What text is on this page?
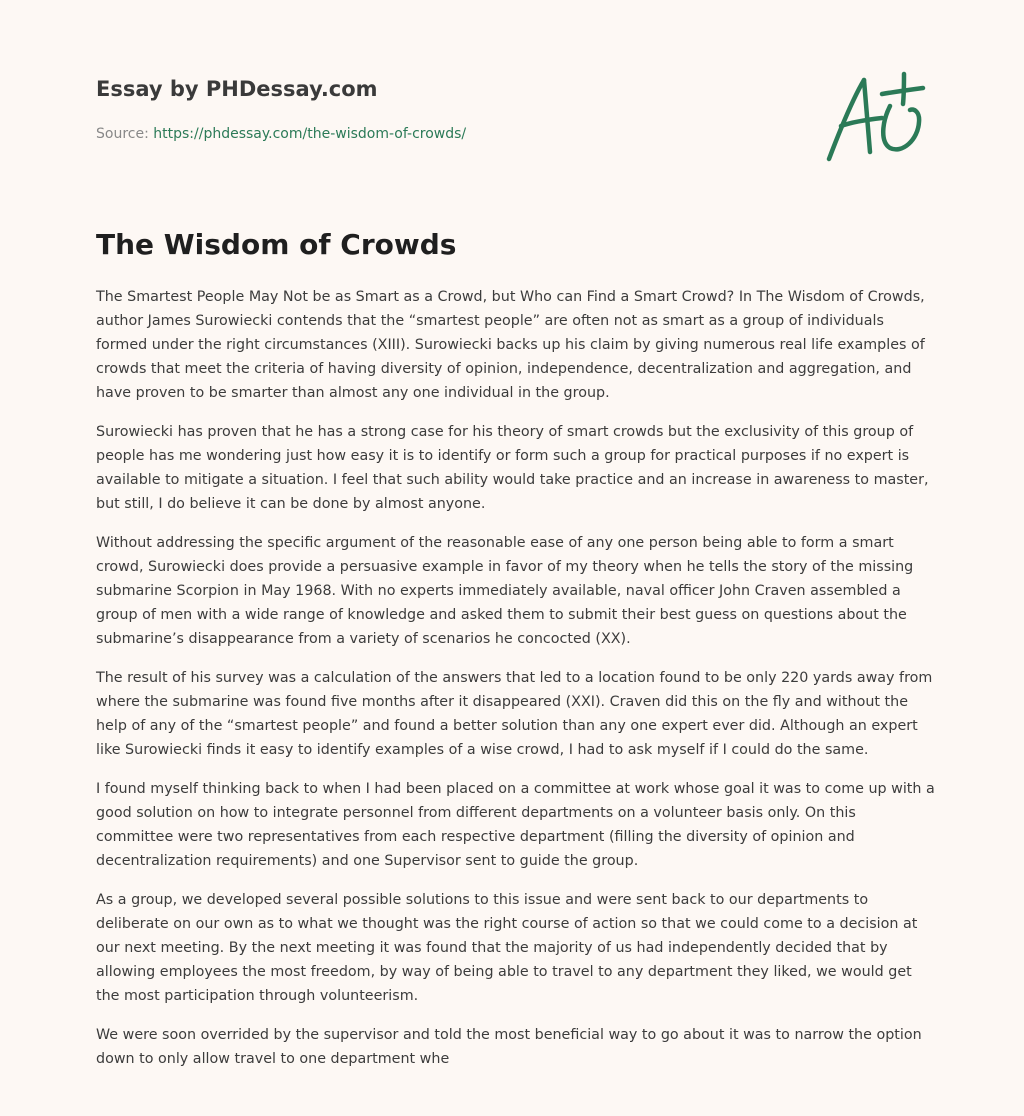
Essay by PHDessay.com
Source: https://phdessay.com/the-wisdom-of-crowds/
The Wisdom of Crowds

The Smartest People May Not be as Smart as a Crowd, but Who can Find a Smart Crowd? In The Wisdom of Crowds, author James Surowiecki contends that the “smartest people” are often not as smart as a group of individuals formed under the right circumstances (XIII). Surowiecki backs up his claim by giving numerous real life examples of crowds that meet the criteria of having diversity of opinion, independence, decentralization and aggregation, and have proven to be smarter than almost any one individual in the group.

Surowiecki has proven that he has a strong case for his theory of smart crowds but the exclusivity of this group of people has me wondering just how easy it is to identify or form such a group for practical purposes if no expert is available to mitigate a situation. I feel that such ability would take practice and an increase in awareness to master, but still, I do believe it can be done by almost anyone.

Without addressing the specific argument of the reasonable ease of any one person being able to form a smart crowd, Surowiecki does provide a persuasive example in favor of my theory when he tells the story of the missing submarine Scorpion in May 1968. With no experts immediately available, naval officer John Craven assembled a group of men with a wide range of knowledge and asked them to submit their best guess on questions about the submarine’s disappearance from a variety of scenarios he concocted (XX).

The result of his survey was a calculation of the answers that led to a location found to be only 220 yards away from where the submarine was found five months after it disappeared (XXI). Craven did this on the fly and without the help of any of the “smartest people” and found a better solution than any one expert ever did. Although an expert like Surowiecki finds it easy to identify examples of a wise crowd, I had to ask myself if I could do the same.

I found myself thinking back to when I had been placed on a committee at work whose goal it was to come up with a good solution on how to integrate personnel from different departments on a volunteer basis only. On this committee were two representatives from each respective department (filling the diversity of opinion and decentralization requirements) and one Supervisor sent to guide the group.

As a group, we developed several possible solutions to this issue and were sent back to our departments to deliberate on our own as to what we thought was the right course of action so that we could come to a decision at our next meeting. By the next meeting it was found that the majority of us had independently decided that by allowing employees the most freedom, by way of being able to travel to any department they liked, we would get the most participation through volunteerism.

We were soon overrided by the supervisor and told the most beneficial way to go about it was to narrow the option down to only allow travel to one department whe
